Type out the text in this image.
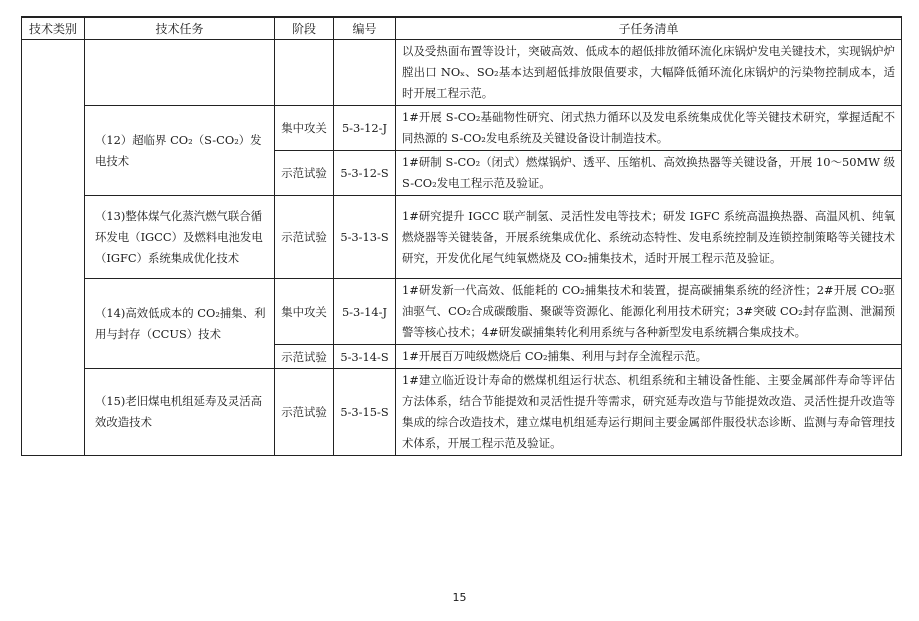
技术类别	技术任务	阶段	编号	子任务清单
				以及受热面布置等设计，突破高效、低成本的超低排放循环流化床锅炉发电关键技术，实现锅炉炉膛出口 NOₓ、SO₂基本达到超低排放限值要求，大幅降低循环流化床锅炉的污染物控制成本，适时开展工程示范。
	（12）超临界 CO₂（S-CO₂）发电技术	集中攻关	5-3-12-J	1#开展 S-CO₂基础物性研究、闭式热力循环以及发电系统集成优化等关键技术研究，掌握适配不同热源的 S-CO₂发电系统及关键设备设计制造技术。
		示范试验	5-3-12-S	1#研制 S-CO₂（闭式）燃煤锅炉、透平、压缩机、高效换热器等关键设备，开展 10～50MW 级 S-CO₂发电工程示范及验证。
	（13)整体煤气化蒸汽燃气联合循环发电（IGCC）及燃料电池发电（IGFC）系统集成优化技术	示范试验	5-3-13-S	1#研究提升 IGCC 联产制氢、灵活性发电等技术；研发 IGFC 系统高温换热器、高温风机、纯氧燃烧器等关键装备，开展系统集成优化、系统动态特性、发电系统控制及连锁控制策略等关键技术研究，开发优化尾气纯氧燃烧及 CO₂捕集技术，适时开展工程示范及验证。
	（14)高效低成本的 CO₂捕集、利用与封存（CCUS）技术	集中攻关	5-3-14-J	1#研发新一代高效、低能耗的 CO₂捕集技术和装置，提高碳捕集系统的经济性；2#开展 CO₂驱油驱气、CO₂合成碳酸脂、聚碳等资源化、能源化利用技术研究；3#突破 CO₂封存监测、泄漏预警等核心技术；4#研发碳捕集转化利用系统与各种新型发电系统耦合集成技术。
		示范试验	5-3-14-S	1#开展百万吨级燃烧后 CO₂捕集、利用与封存全流程示范。
	（15)老旧煤电机组延寿及灵活高效改造技术	示范试验	5-3-15-S	1#建立临近设计寿命的燃煤机组运行状态、机组系统和主辅设备性能、主要金属部件寿命等评估方法体系，结合节能提效和灵活性提升等需求，研究延寿改造与节能提效改造、灵活性提升改造等集成的综合改造技术，建立煤电机组延寿运行期间主要金属部件服役状态诊断、监测与寿命管理技术体系，开展工程示范及验证。
15
